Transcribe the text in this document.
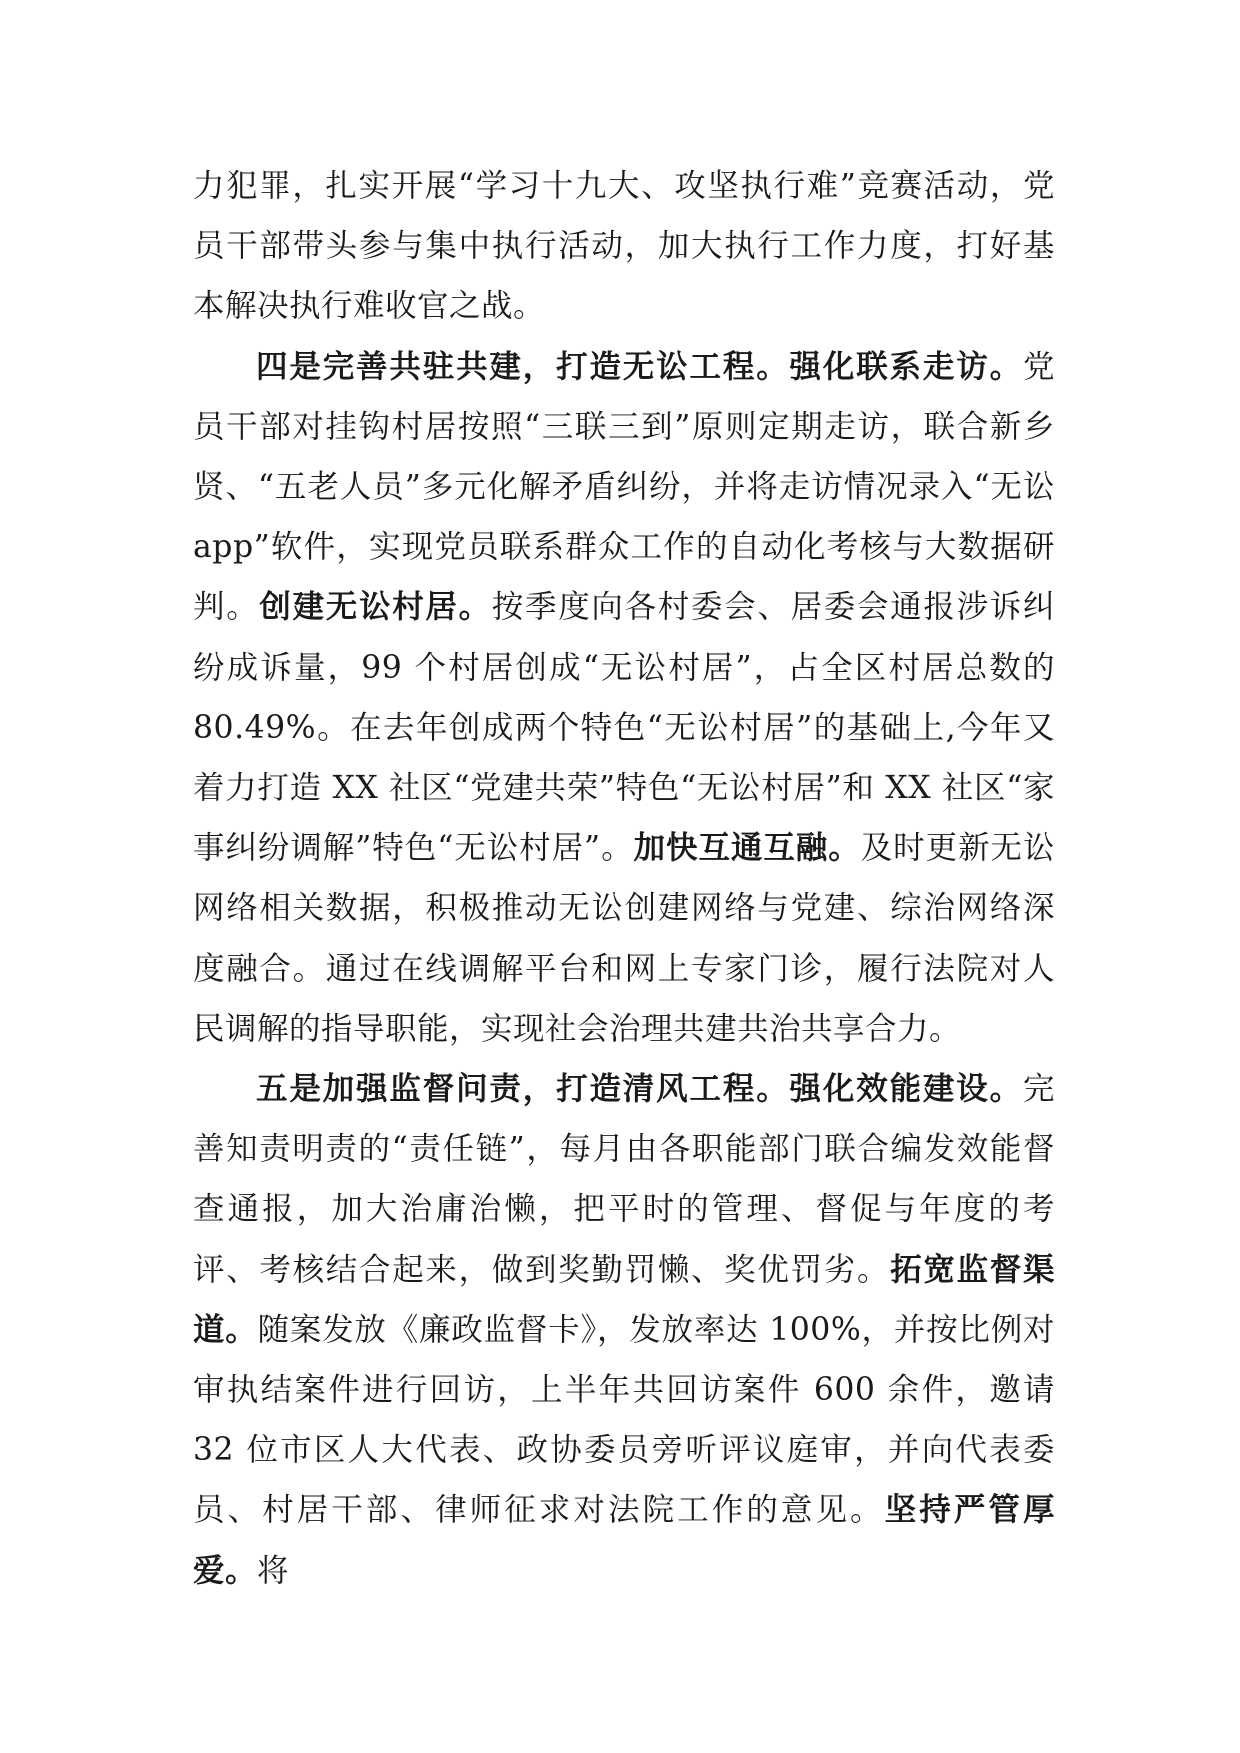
力犯罪，扎实开展“学习十九大、攻坚执行难”竞赛活动，党员干部带头参与集中执行活动，加大执行工作力度，打好基本解决执行难收官之战。

四是完善共驻共建，打造无讼工程。强化联系走访。党员干部对挂钩村居按照“三联三到”原则定期走访，联合新乡贤、“五老人员”多元化解矛盾纠纷，并将走访情况录入“无讼 app”软件，实现党员联系群众工作的自动化考核与大数据研判。创建无讼村居。按季度向各村委会、居委会通报涉诉纠纷成诉量，99 个村居创成“无讼村居”，占全区村居总数的 80.49%。在去年创成两个特色“无讼村居”的基础上,今年又着力打造 XX 社区“党建共荣”特色“无讼村居”和 XX 社区“家事纠纷调解”特色“无讼村居”。加快互通互融。及时更新无讼网络相关数据，积极推动无讼创建网络与党建、综治网络深度融合。通过在线调解平台和网上专家门诊，履行法院对人民调解的指导职能，实现社会治理共建共治共享合力。

五是加强监督问责，打造清风工程。强化效能建设。完善知责明责的“责任链”，每月由各职能部门联合编发效能督查通报，加大治庸治懒，把平时的管理、督促与年度的考评、考核结合起来，做到奖勤罚懒、奖优罚劣。拓宽监督渠道。随案发放《廉政监督卡》，发放率达 100%，并按比例对审执结案件进行回访，上半年共回访案件 600 余件，邀请 32 位市区人大代表、政协委员旁听评议庭审，并向代表委员、村居干部、律师征求对法院工作的意见。坚持严管厚爱。将
